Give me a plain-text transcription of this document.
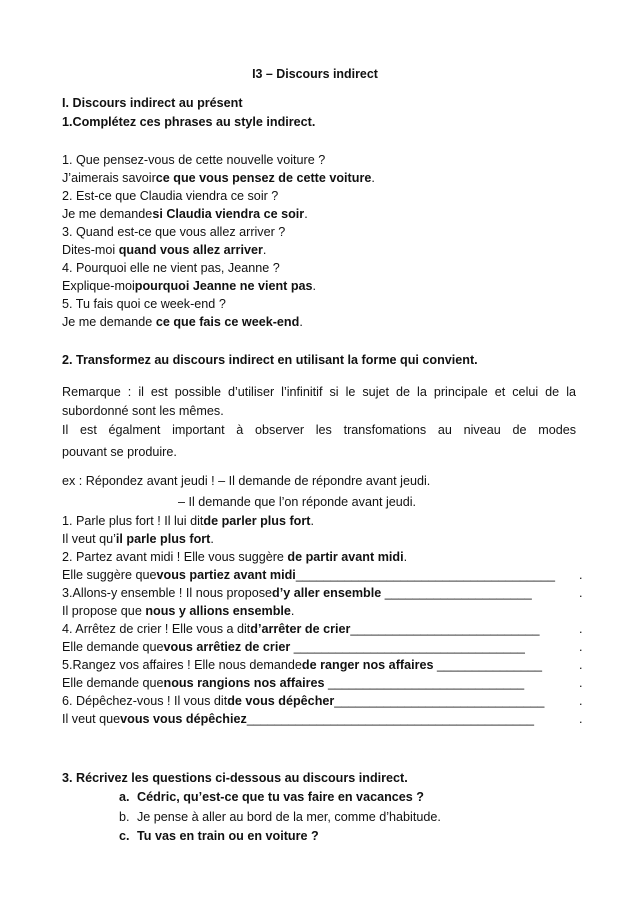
I3 – Discours indirect
I. Discours indirect au présent
1.Complétez ces phrases au style indirect.
1. Que pensez-vous de cette nouvelle voiture ?
J’aimerais savoirce que vous pensez de cette voiture.
2. Est-ce que Claudia viendra ce soir ?
Je me demandesi Claudia viendra ce soir.
3. Quand est-ce que vous allez arriver ?
Dites-moi quand vous allez arriver.
4. Pourquoi elle ne vient pas, Jeanne ?
Explique-moipourquoi Jeanne ne vient pas.
5. Tu fais quoi ce week-end ?
Je me demande ce que fais ce week-end.
2. Transformez au discours indirect en utilisant la forme qui convient.
Remarque : il est possible d’utiliser l’infinitif si le sujet de la principale et celui de la
subordonné sont les mêmes.
Il est égalment important à observer les transfomations au niveau de modes
pouvant se produire.
ex : Répondez avant jeudi ! – Il demande de répondre avant jeudi.
– Il demande que l’on réponde avant jeudi.
1. Parle plus fort ! Il lui ditde parler plus fort.
Il veut qu’il parle plus fort.
2. Partez avant midi ! Elle vous suggère de partir avant midi.
Elle suggère quevous partiez avant midi_____________________________________ .
3.Allons-y ensemble ! Il nous proposed’y aller ensemble _____________________	.
Il propose que nous y allions ensemble.
4. Arrêtez de crier ! Elle vous a ditd’arrêter de crier___________________________	.
Elle demande quevous arrêtiez de crier _________________________________	.
5.Rangez vos affaires ! Elle nous demandede ranger nos affaires _______________	.
Elle demande quenous rangions nos affaires ____________________________	.
6. Dépêchez-vous ! Il vous ditde vous dépêcher______________________________	.
Il veut quevous vous dépêchiez_________________________________________	.
3. Récrivez les questions ci-dessous au discours indirect.
a. Cédric, qu’est-ce que tu vas faire en vacances ?
b. Je pense à aller au bord de la mer, comme d’habitude.
c. Tu vas en train ou en voiture ?
